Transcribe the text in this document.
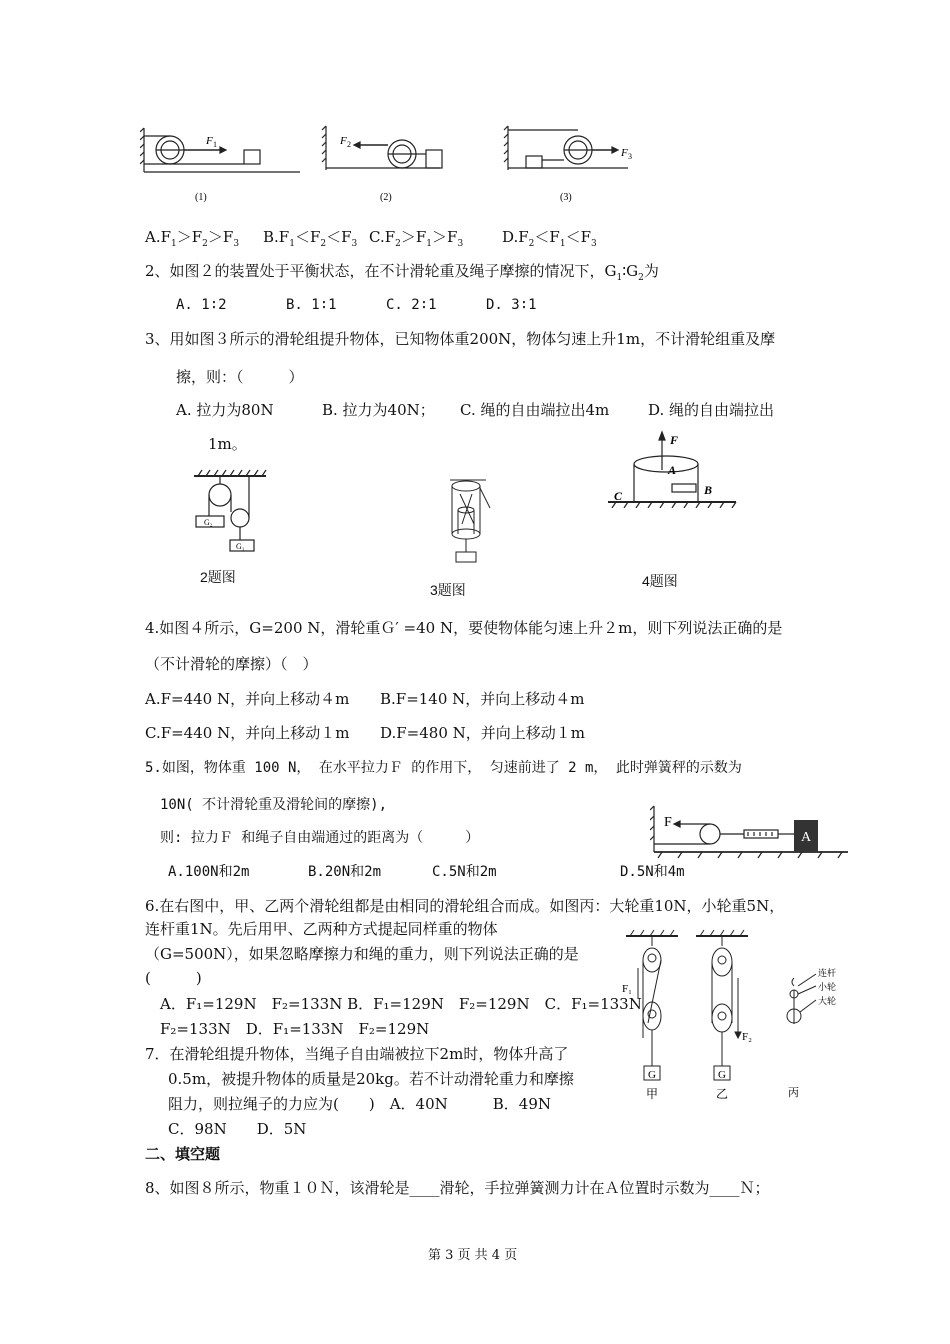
F 1	F 2
F 3
(1)	(2)	(3)
$A.F_1>F_2>F_3$ $B.F_1<F_2<F_3$ $C.F_2>F_1>F_3$	$D.F_2<F_1<F_3$
2、如图２的装置处于平衡状态，在不计滑轮重及绳子摩擦的情况下，$G_1∶G_2$为
A. 1∶2	B. 1∶1	C. 2∶1	D. 3∶1
3、用如图３所示的滑轮组提升物体，已知物体重200N，物体匀速上升1m，不计滑轮组重及摩
擦，则：（　　　）
A. 拉力为80N	B. 拉力为40N； C. 绳的自由端拉出4m	D. 绳的自由端拉出
1m。
G₂
G₁
2题图
3题图
F
A
B
C
4题图
4.如图４所示，G=200 N，滑轮重Ｇ′ =40 N，要使物体能匀速上升２m，则下列说法正确的是
（不计滑轮的摩擦）（　）
A.F=440 N，并向上移动４m B.F=140 N，并向上移动４m
C.F=440 N，并向上移动１m D.F=480 N，并向上移动１m
5.如图，物体重 100 N， 在水平拉力Ｆ 的作用下， 匀速前进了 2 m， 此时弹簧秤的示数为
10N( 不计滑轮重及滑轮间的摩擦),
则: 拉力Ｆ 和绳子自由端通过的距离为（　　　）
A.100N和2m	B.20N和2m	C.5N和2m	D.5N和4m
F
A
6.在右图中，甲、乙两个滑轮组都是由相同的滑轮组合而成。如图丙：大轮重10N，小轮重5N，
连杆重1N。先后用甲、乙两种方式提起同样重的物体
（G=500N），如果忽略摩擦力和绳的重力，则下列说法正确的是
(　　　)
A．F₁=129N　F₂=133N B．F₁=129N　F₂=129N　C．F₁=133N
F₂=133N　D．F₁=133N　F₂=129N
F₁
F₂
G	G
甲	乙	丙
连杆
小轮
大轮
7．在滑轮组提升物体，当绳子自由端被拉下2m时，物体升高了
0.5m，被提升物体的质量是20kg。若不计动滑轮重力和摩擦
阻力，则拉绳子的力应为(　　)　A．40N　　　B．49N
C．98N　　D．5N
二、填空题
8、如图８所示，物重１０Ｎ，该滑轮是____滑轮，手拉弹簧测力计在Ａ位置时示数为____Ｎ；
第 3 页 共 4 页
